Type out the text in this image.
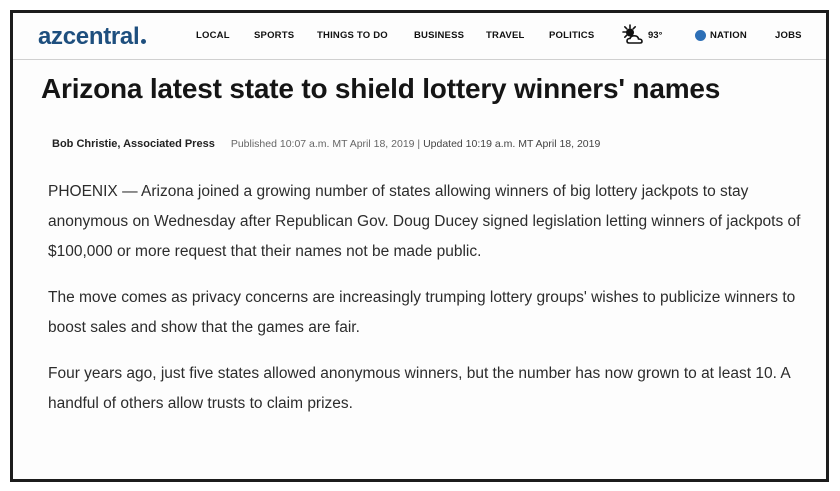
azcentral	LOCAL	SPORTS THINGS TO DO	BUSINESS TRAVEL	POLITICS	93°	NATION	JOBS
Arizona latest state to shield lottery winners' names
Bob Christie, Associated Press Published 10:07 a.m. MT April 18, 2019 | Updated 10:19 a.m. MT April 18, 2019

PHOENIX — Arizona joined a growing number of states allowing winners of big lottery jackpots to stay anonymous on Wednesday after Republican Gov. Doug Ducey signed legislation letting winners of jackpots of $100,000 or more request that their names not be made public.

The move comes as privacy concerns are increasingly trumping lottery groups' wishes to publicize winners to boost sales and show that the games are fair.

Four years ago, just five states allowed anonymous winners, but the number has now grown to at least 10. A handful of others allow trusts to claim prizes.
